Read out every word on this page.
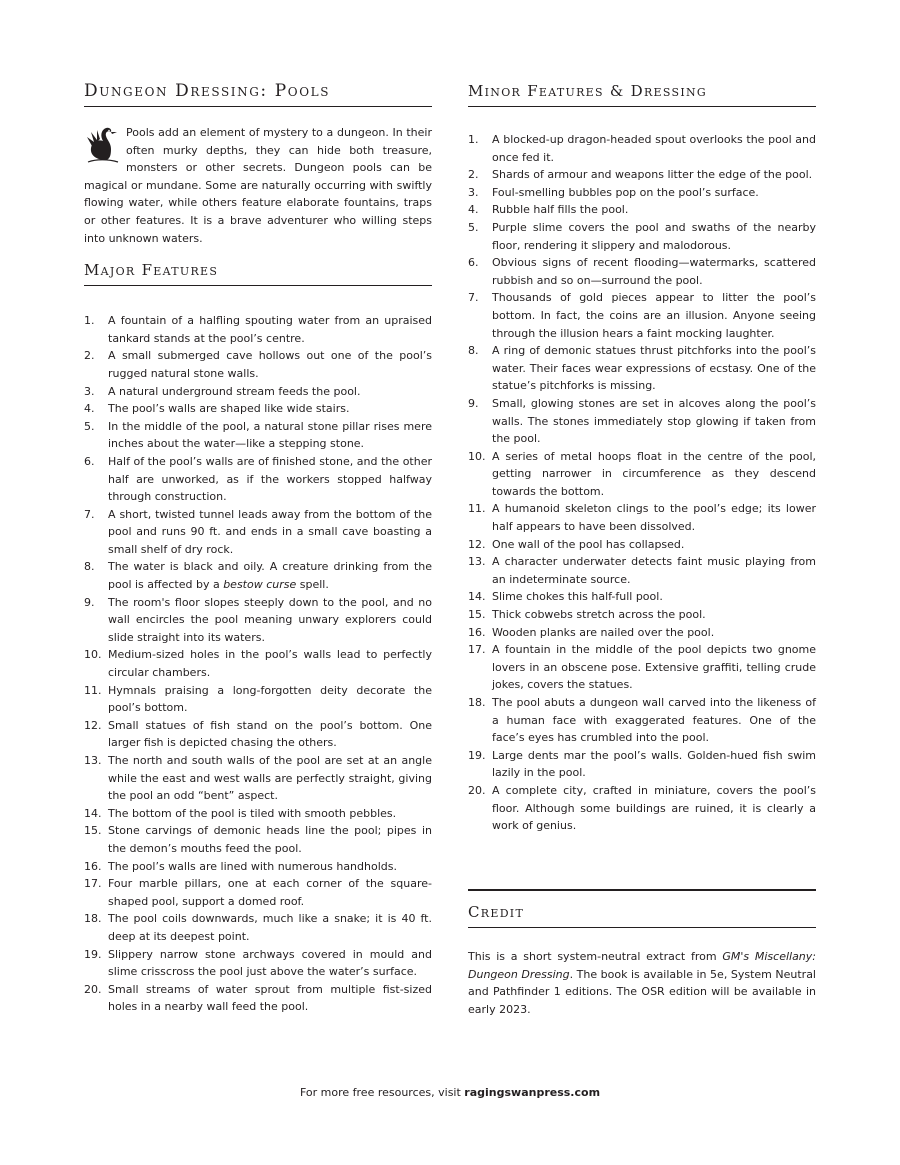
Dungeon Dressing: Pools

Pools add an element of mystery to a dungeon. In their often murky depths, they can hide both treasure, monsters or other secrets. Dungeon pools can be magical or mundane. Some are naturally occurring with swiftly flowing water, while others feature elaborate fountains, traps or other features. It is a brave adventurer who willing steps into unknown waters.

Major Features
1. A fountain of a halfling spouting water from an upraised tankard stands at the pool’s centre.
2. A small submerged cave hollows out one of the pool’s rugged natural stone walls.
3. A natural underground stream feeds the pool.
4. The pool’s walls are shaped like wide stairs.
5. In the middle of the pool, a natural stone pillar rises mere inches about the water—like a stepping stone.
6. Half of the pool’s walls are of finished stone, and the other half are unworked, as if the workers stopped halfway through construction.
7. A short, twisted tunnel leads away from the bottom of the pool and runs 90 ft. and ends in a small cave boasting a small shelf of dry rock.
8. The water is black and oily. A creature drinking from the pool is affected by a bestow curse spell.
9. The room's floor slopes steeply down to the pool, and no wall encircles the pool meaning unwary explorers could slide straight into its waters.
10. Medium-sized holes in the pool’s walls lead to perfectly circular chambers.
11. Hymnals praising a long-forgotten deity decorate the pool’s bottom.
12. Small statues of fish stand on the pool’s bottom. One larger fish is depicted chasing the others.
13. The north and south walls of the pool are set at an angle while the east and west walls are perfectly straight, giving the pool an odd “bent” aspect.
14. The bottom of the pool is tiled with smooth pebbles.
15. Stone carvings of demonic heads line the pool; pipes in the demon’s mouths feed the pool.
16. The pool’s walls are lined with numerous handholds.
17. Four marble pillars, one at each corner of the square-shaped pool, support a domed roof.
18. The pool coils downwards, much like a snake; it is 40 ft. deep at its deepest point.
19. Slippery narrow stone archways covered in mould and slime crisscross the pool just above the water’s surface.
20. Small streams of water sprout from multiple fist-sized holes in a nearby wall feed the pool.
Minor Features & Dressing
1. A blocked-up dragon-headed spout overlooks the pool and once fed it.
2. Shards of armour and weapons litter the edge of the pool.
3. Foul-smelling bubbles pop on the pool’s surface.
4. Rubble half fills the pool.
5. Purple slime covers the pool and swaths of the nearby floor, rendering it slippery and malodorous.
6. Obvious signs of recent flooding—watermarks, scattered rubbish and so on—surround the pool.
7. Thousands of gold pieces appear to litter the pool’s bottom. In fact, the coins are an illusion. Anyone seeing through the illusion hears a faint mocking laughter.
8. A ring of demonic statues thrust pitchforks into the pool’s water. Their faces wear expressions of ecstasy. One of the statue’s pitchforks is missing.
9. Small, glowing stones are set in alcoves along the pool’s walls. The stones immediately stop glowing if taken from the pool.
10. A series of metal hoops float in the centre of the pool, getting narrower in circumference as they descend towards the bottom.
11. A humanoid skeleton clings to the pool’s edge; its lower half appears to have been dissolved.
12. One wall of the pool has collapsed.
13. A character underwater detects faint music playing from an indeterminate source.
14. Slime chokes this half-full pool.
15. Thick cobwebs stretch across the pool.
16. Wooden planks are nailed over the pool.
17. A fountain in the middle of the pool depicts two gnome lovers in an obscene pose. Extensive graffiti, telling crude jokes, covers the statues.
18. The pool abuts a dungeon wall carved into the likeness of a human face with exaggerated features. One of the face’s eyes has crumbled into the pool.
19. Large dents mar the pool’s walls. Golden-hued fish swim lazily in the pool.
20. A complete city, crafted in miniature, covers the pool’s floor. Although some buildings are ruined, it is clearly a work of genius.
Credit

This is a short system-neutral extract from GM's Miscellany: Dungeon Dressing. The book is available in 5e, System Neutral and Pathfinder 1 editions. The OSR edition will be available in early 2023.

For more free resources, visit ragingswanpress.com
